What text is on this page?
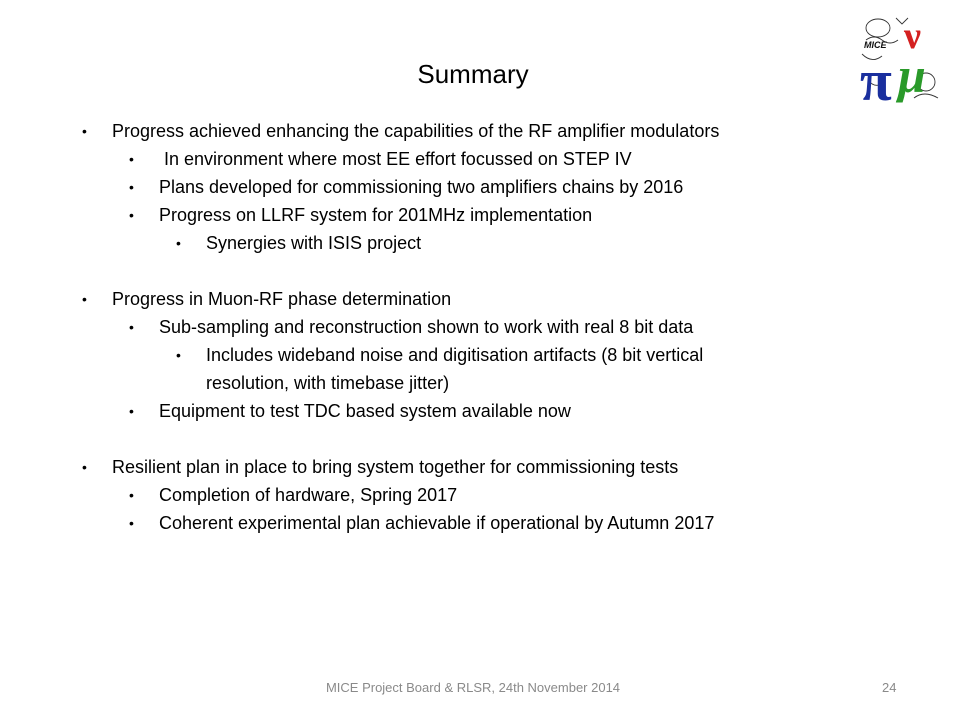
Summary
MICE ν
π μ
• Progress achieved enhancing the capabilities of the RF amplifier modulators
• In environment where most EE effort focussed on STEP IV
• Plans developed for commissioning two amplifiers chains by 2016
• Progress on LLRF system for 201MHz implementation
• Synergies with ISIS project
• Progress in Muon-RF phase determination
• Sub-sampling and reconstruction shown to work with real 8 bit data
• Includes wideband noise and digitisation artifacts (8 bit vertical
resolution, with timebase jitter)
• Equipment to test TDC based system available now
• Resilient plan in place to bring system together for commissioning tests
• Completion of hardware, Spring 2017
• Coherent experimental plan achievable if operational by Autumn 2017
MICE Project Board & RLSR, 24th November 2014	24
